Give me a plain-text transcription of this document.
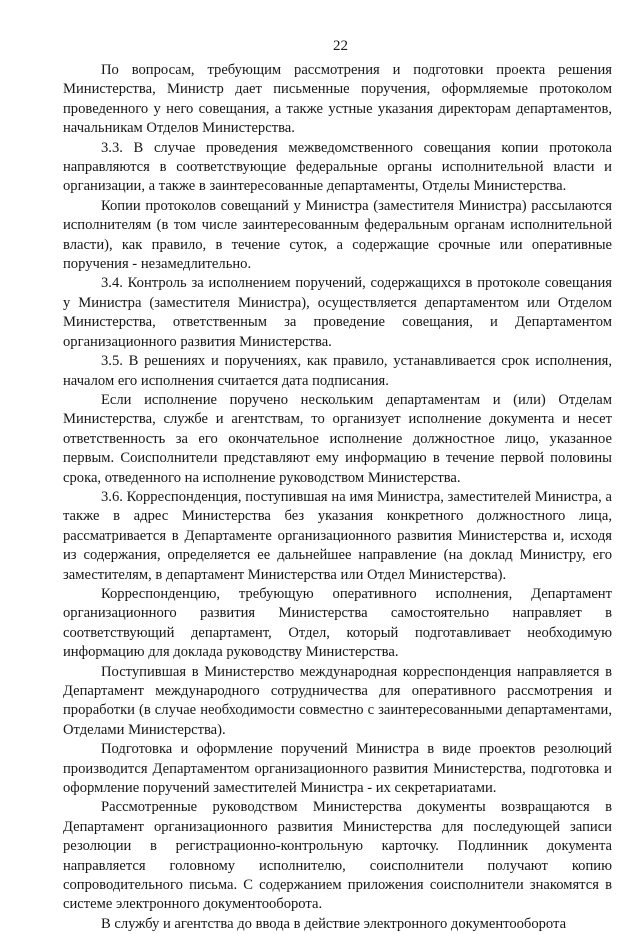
22

По вопросам, требующим рассмотрения и подготовки проекта решения Министерства, Министр дает письменные поручения, оформляемые протоколом проведенного у него совещания, а также устные указания директорам департаментов, начальникам Отделов Министерства.

3.3. В случае проведения межведомственного совещания копии протокола направляются в соответствующие федеральные органы исполнительной власти и организации, а также в заинтересованные департаменты, Отделы Министерства.

Копии протоколов совещаний у Министра (заместителя Министра) рассылаются исполнителям (в том числе заинтересованным федеральным органам исполнительной власти), как правило, в течение суток, а содержащие срочные или оперативные поручения - незамедлительно.

3.4. Контроль за исполнением поручений, содержащихся в протоколе совещания у Министра (заместителя Министра), осуществляется департаментом или Отделом Министерства, ответственным за проведение совещания, и Департаментом организационного развития Министерства.

3.5. В решениях и поручениях, как правило, устанавливается срок исполнения, началом его исполнения считается дата подписания.

Если исполнение поручено нескольким департаментам и (или) Отделам Министерства, службе и агентствам, то организует исполнение документа и несет ответственность за его окончательное исполнение должностное лицо, указанное первым. Соисполнители представляют ему информацию в течение первой половины срока, отведенного на исполнение руководством Министерства.

3.6. Корреспонденция, поступившая на имя Министра, заместителей Министра, а также в адрес Министерства без указания конкретного должностного лица, рассматривается в Департаменте организационного развития Министерства и, исходя из содержания, определяется ее дальнейшее направление (на доклад Министру, его заместителям, в департамент Министерства или Отдел Министерства).

Корреспонденцию, требующую оперативного исполнения, Департамент организационного развития Министерства самостоятельно направляет в соответствующий департамент, Отдел, который подготавливает необходимую информацию для доклада руководству Министерства.

Поступившая в Министерство международная корреспонденция направляется в Департамент международного сотрудничества для оперативного рассмотрения и проработки (в случае необходимости совместно с заинтересованными департаментами, Отделами Министерства).

Подготовка и оформление поручений Министра в виде проектов резолюций производится Департаментом организационного развития Министерства, подготовка и оформление поручений заместителей Министра - их секретариатами.

Рассмотренные руководством Министерства документы возвращаются в Департамент организационного развития Министерства для последующей записи резолюции в регистрационно-контрольную карточку. Подлинник документа направляется головному исполнителю, соисполнители получают копию сопроводительного письма. С содержанием приложения соисполнители знакомятся в системе электронного документооборота.

В службу и агентства до ввода в действие электронного документооборота
